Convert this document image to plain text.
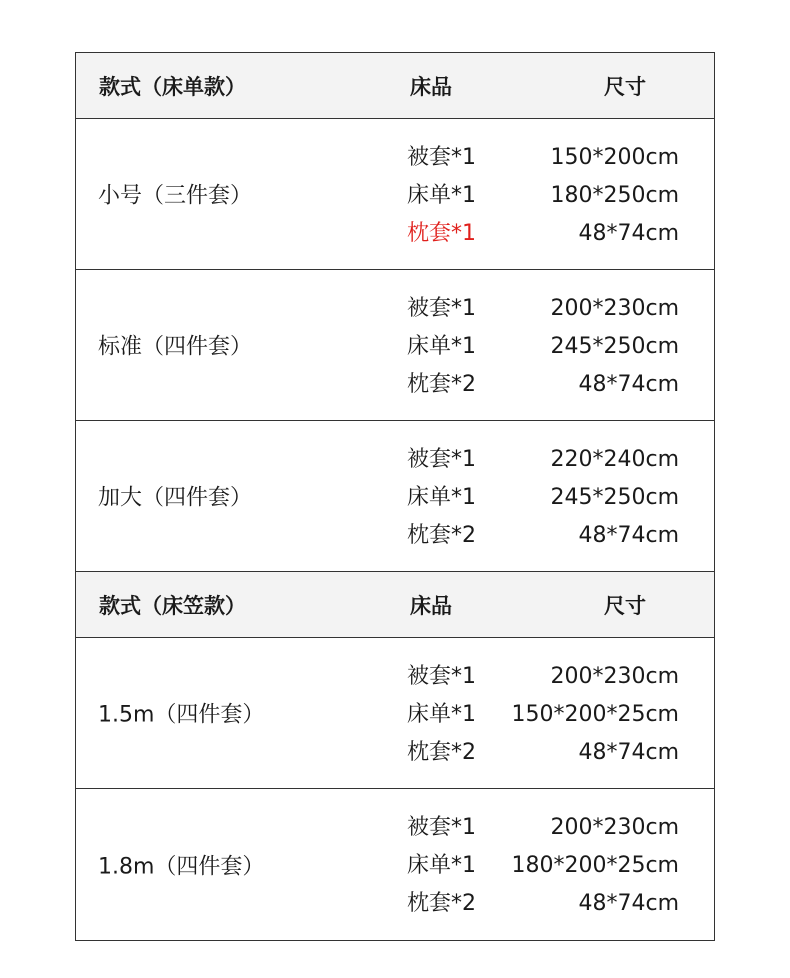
款式（床单款）	床品	尺寸
小号（三件套）
被套*1	150*200cm
床单*1	180*250cm
枕套*1	48*74cm
标准（四件套）
被套*1	200*230cm
床单*1	245*250cm
枕套*2	48*74cm
加大（四件套）
被套*1	220*240cm
床单*1	245*250cm
枕套*2	48*74cm
款式（床笠款）	床品	尺寸
1.5m（四件套）
被套*1	200*230cm
床单*1 150*200*25cm
枕套*2	48*74cm
1.8m（四件套）
被套*1	200*230cm
床单*1 180*200*25cm
枕套*2	48*74cm
